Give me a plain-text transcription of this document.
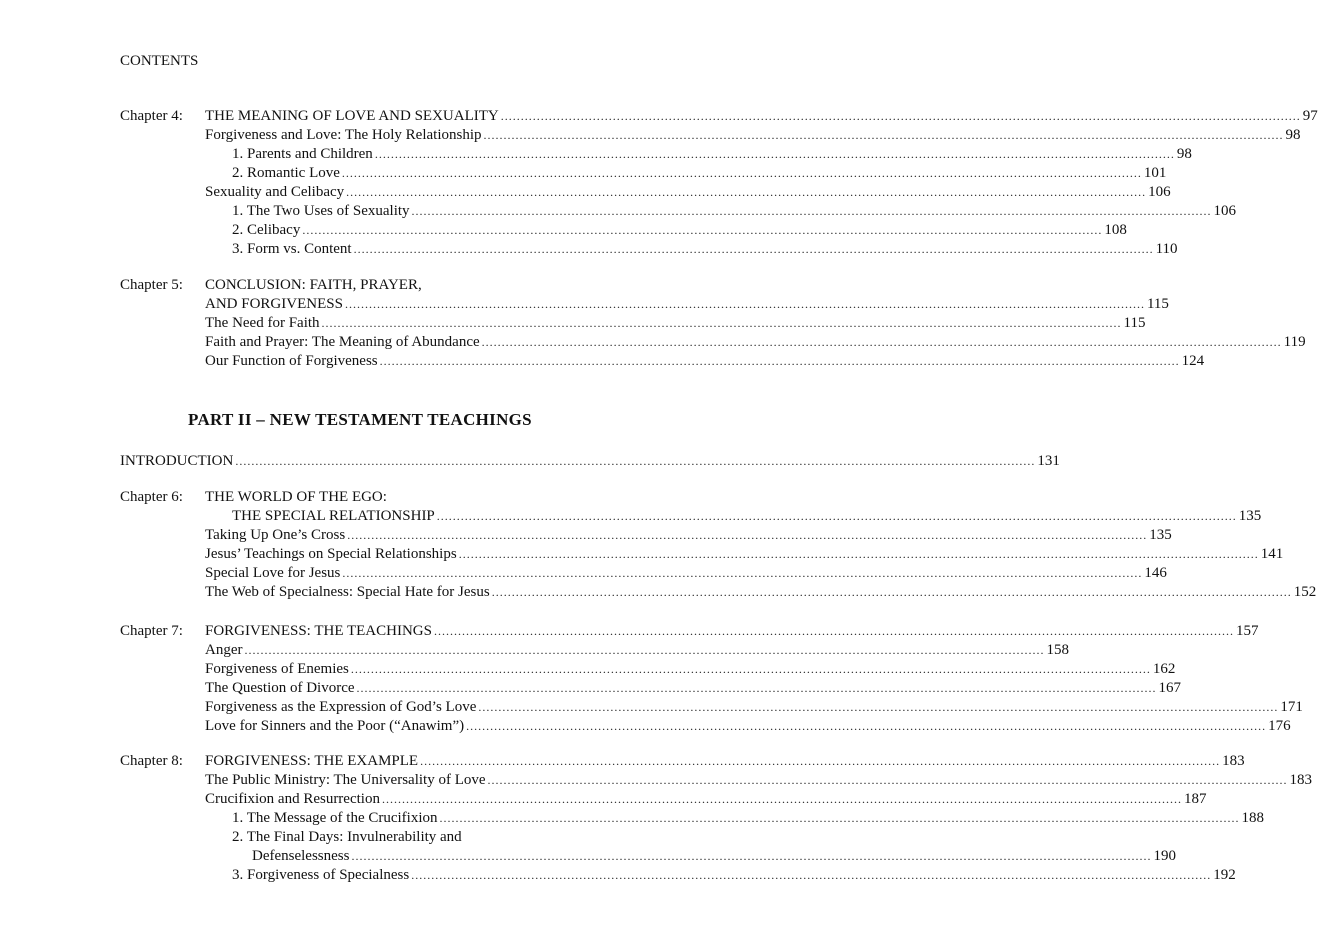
CONTENTS
Chapter 4: THE MEANING OF LOVE AND SEXUALITY ........................................................................................................................................................................................................ 97
Forgiveness and Love: The Holy Relationship ........................................................................................................................................................................................................ 98
1. Parents and Children ........................................................................................................................................................................................................ 98
2. Romantic Love ........................................................................................................................................................................................................ 101
Sexuality and Celibacy ........................................................................................................................................................................................................ 106
1. The Two Uses of Sexuality ........................................................................................................................................................................................................ 106
2. Celibacy ........................................................................................................................................................................................................ 108
3. Form vs. Content ........................................................................................................................................................................................................ 110
Chapter 5: CONCLUSION: FAITH, PRAYER,
AND FORGIVENESS ........................................................................................................................................................................................................ 115
The Need for Faith ........................................................................................................................................................................................................ 115
Faith and Prayer: The Meaning of Abundance ........................................................................................................................................................................................................ 119
Our Function of Forgiveness ........................................................................................................................................................................................................ 124
PART II – NEW TESTAMENT TEACHINGS
INTRODUCTION ........................................................................................................................................................................................................ 131
Chapter 6: THE WORLD OF THE EGO:
THE SPECIAL RELATIONSHIP ........................................................................................................................................................................................................ 135
Taking Up One’s Cross ........................................................................................................................................................................................................ 135
Jesus’ Teachings on Special Relationships ........................................................................................................................................................................................................ 141
Special Love for Jesus ........................................................................................................................................................................................................ 146
The Web of Specialness: Special Hate for Jesus ........................................................................................................................................................................................................ 152
Chapter 7: FORGIVENESS: THE TEACHINGS ........................................................................................................................................................................................................ 157
Anger ........................................................................................................................................................................................................ 158
Forgiveness of Enemies ........................................................................................................................................................................................................ 162
The Question of Divorce ........................................................................................................................................................................................................ 167
Forgiveness as the Expression of God’s Love ........................................................................................................................................................................................................ 171
Love for Sinners and the Poor (“Anawim”) ........................................................................................................................................................................................................ 176
Chapter 8: FORGIVENESS: THE EXAMPLE ........................................................................................................................................................................................................ 183
The Public Ministry: The Universality of Love ........................................................................................................................................................................................................ 183
Crucifixion and Resurrection ........................................................................................................................................................................................................ 187
1. The Message of the Crucifixion ........................................................................................................................................................................................................ 188
2. The Final Days: Invulnerability and
Defenselessness ........................................................................................................................................................................................................ 190
3. Forgiveness of Specialness ........................................................................................................................................................................................................ 192
